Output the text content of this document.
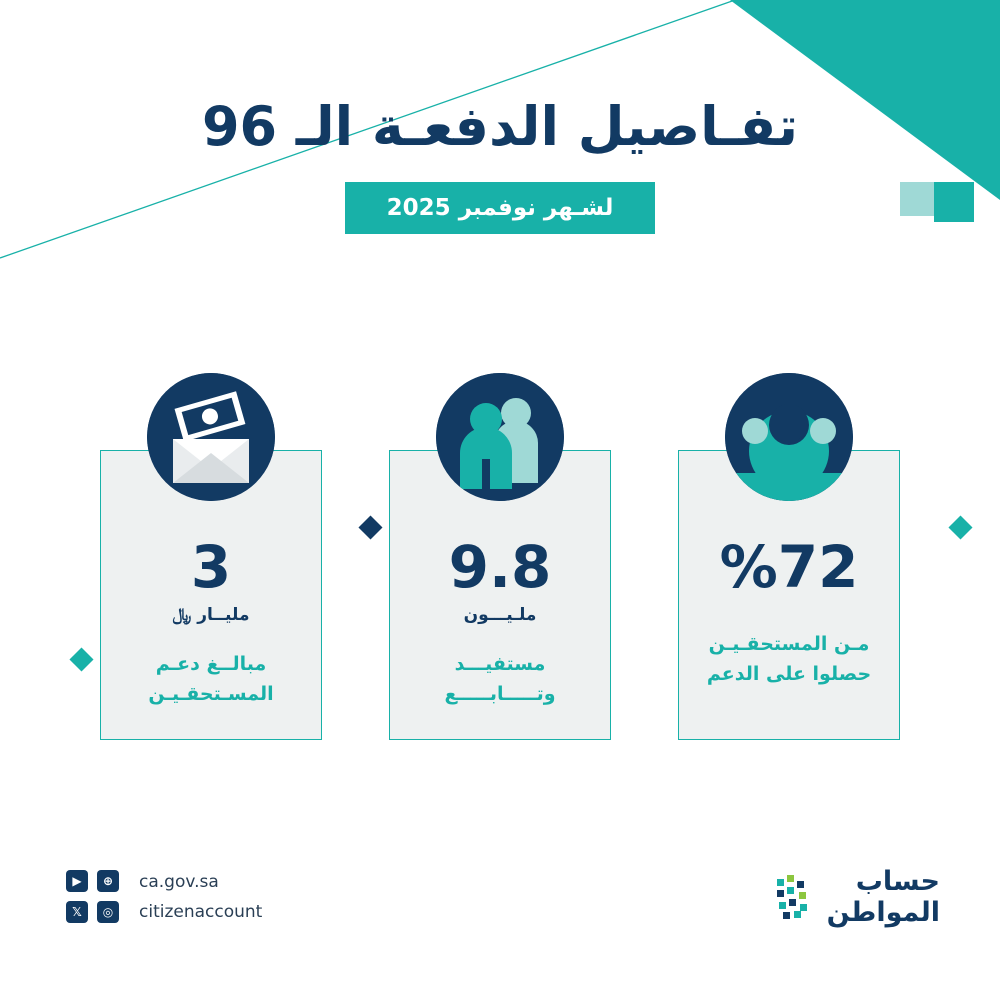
تفـاصيل الدفعـة الـ 96
لشـهر نوفمبر 2025
%72
مـن المستحقـيـن
حصلوا على الدعم
9.8
ملـيـــون
مستفيـــد
وتـــــابـــــع
3
مليــار ﷼
مبالــغ دعـم
المسـتحقـيـن
▶	⊕
𝕏	◎
ca.gov.sa
citizenaccount
حساب
المواطن
